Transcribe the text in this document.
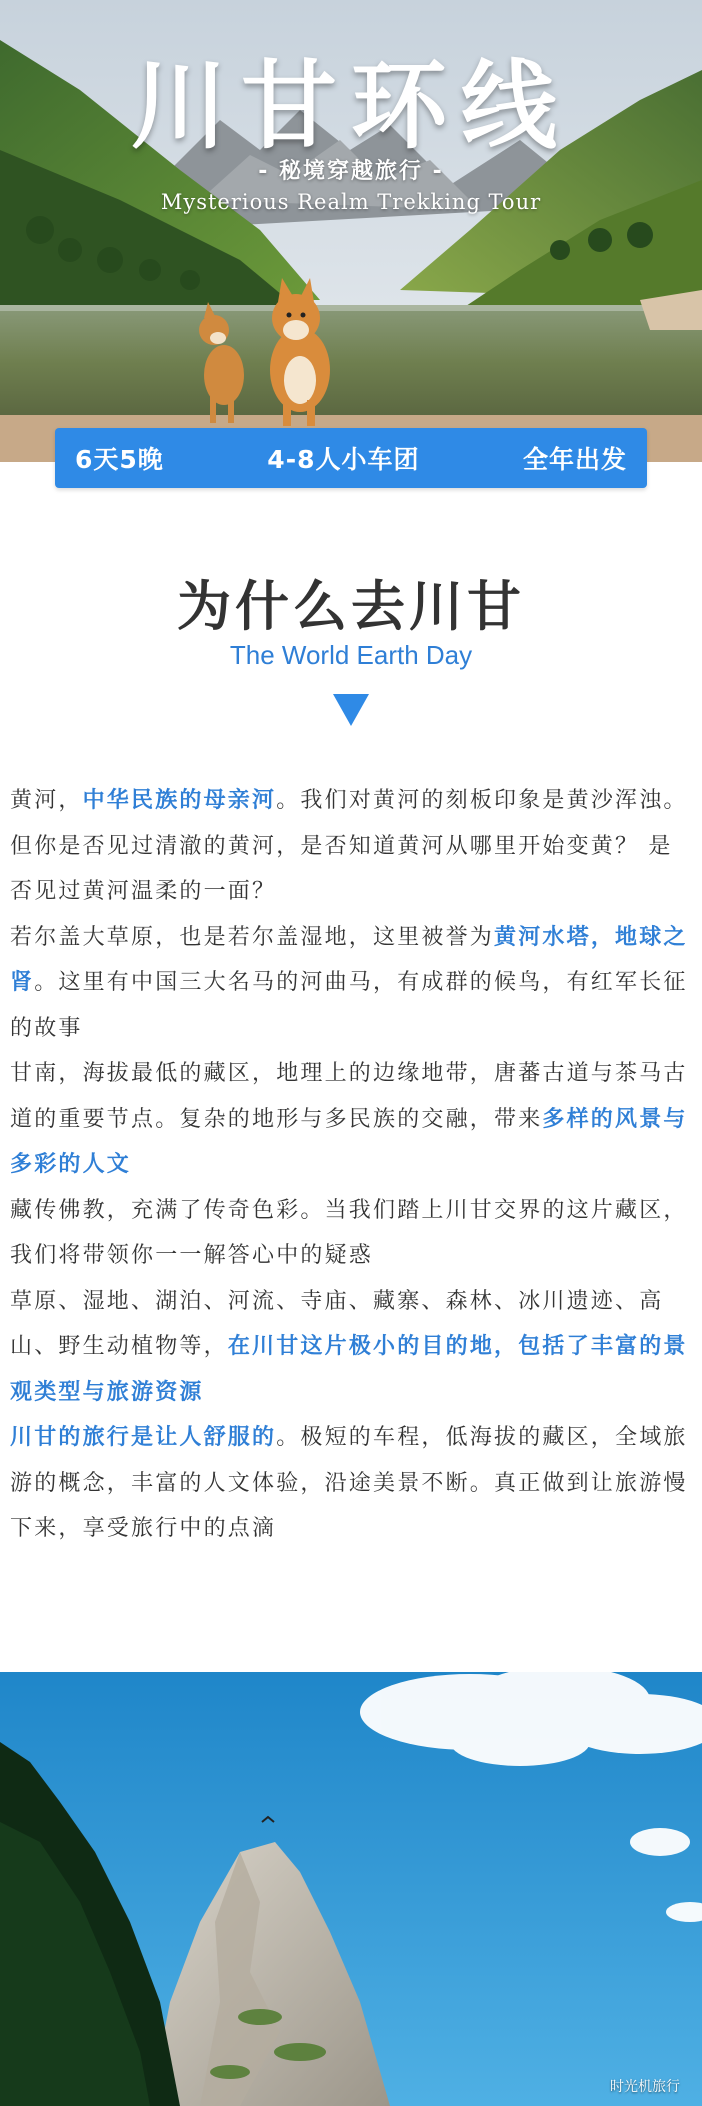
川甘环线
- 秘境穿越旅行 -
Mysterious Realm Trekking Tour
6天5晚	4-8人小车团	全年出发
为什么去川甘
The World Earth Day

黄河，中华民族的母亲河。我们对黄河的刻板印象是黄沙浑浊。但你是否见过清澈的黄河，是否知道黄河从哪里开始变黄？ 是否见过黄河温柔的一面？

若尔盖大草原，也是若尔盖湿地，这里被誉为黄河水塔，地球之肾。这里有中国三大名马的河曲马，有成群的候鸟，有红军长征的故事

甘南，海拔最低的藏区，地理上的边缘地带，唐蕃古道与茶马古道的重要节点。复杂的地形与多民族的交融，带来多样的风景与多彩的人文

藏传佛教，充满了传奇色彩。当我们踏上川甘交界的这片藏区，我们将带领你一一解答心中的疑惑

草原、湿地、湖泊、河流、寺庙、藏寨、森林、冰川遗迹、高山、野生动植物等，在川甘这片极小的目的地，包括了丰富的景观类型与旅游资源

川甘的旅行是让人舒服的。极短的车程，低海拔的藏区，全域旅游的概念，丰富的人文体验，沿途美景不断。真正做到让旅游慢下来，享受旅行中的点滴

时光机旅行
